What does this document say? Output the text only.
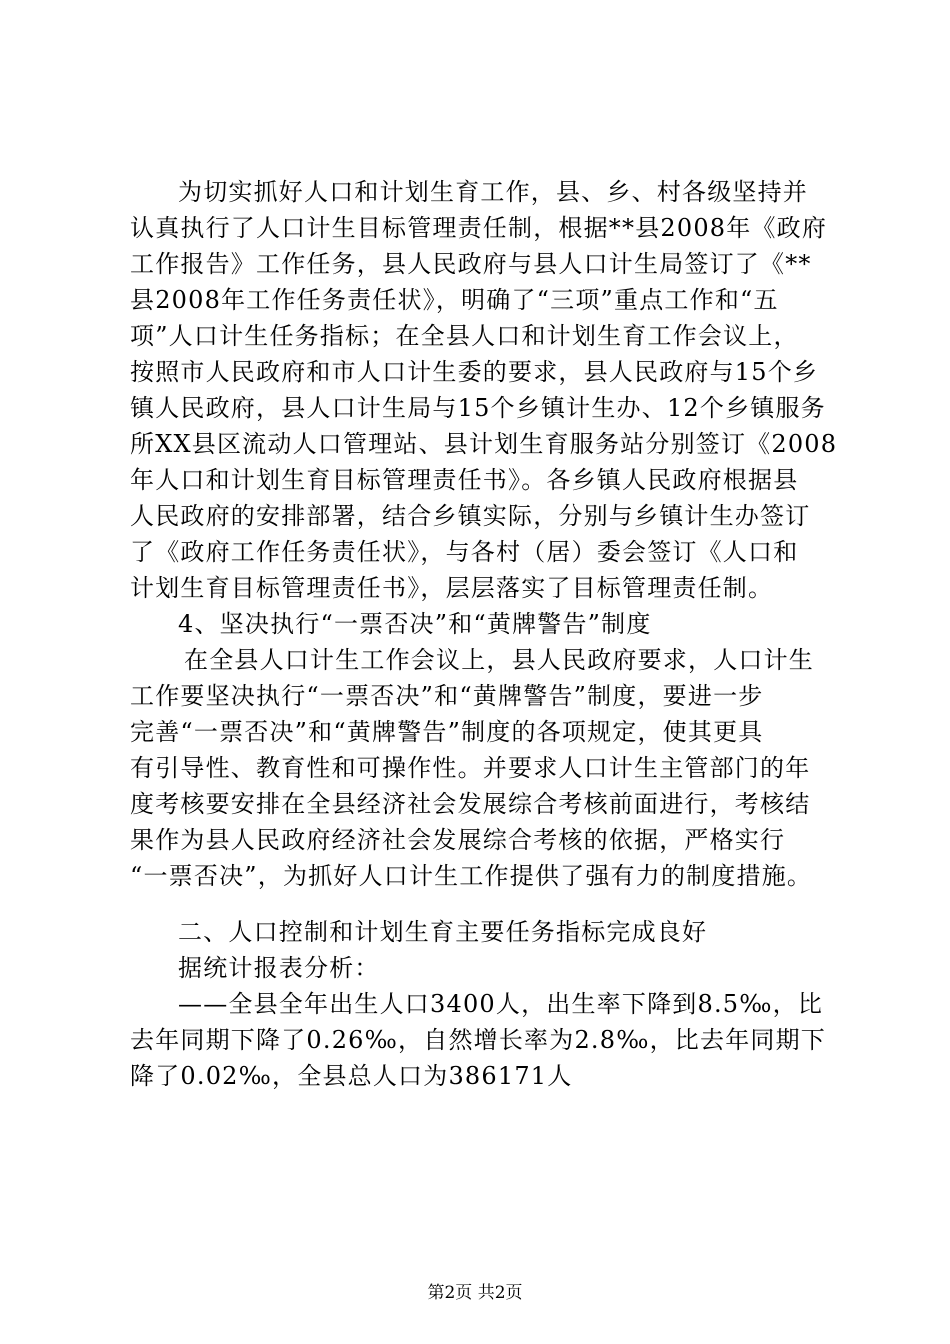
为切实抓好人口和计划生育工作，县、乡、村各级坚持并
认真执行了人口计生目标管理责任制，根据**县2008年《政府
工作报告》工作任务，县人民政府与县人口计生局签订了《**
县2008年工作任务责任状》，明确了“三项”重点工作和“五
项”人口计生任务指标；在全县人口和计划生育工作会议上，
按照市人民政府和市人口计生委的要求，县人民政府与15个乡
镇人民政府，县人口计生局与15个乡镇计生办、12个乡镇服务
所XX县区流动人口管理站、县计划生育服务站分别签订《2008
年人口和计划生育目标管理责任书》。各乡镇人民政府根据县
人民政府的安排部署，结合乡镇实际，分别与乡镇计生办签订
了《政府工作任务责任状》，与各村（居）委会签订《人口和
计划生育目标管理责任书》，层层落实了目标管理责任制。
4、坚决执行“一票否决”和“黄牌警告”制度
在全县人口计生工作会议上，县人民政府要求，人口计生
工作要坚决执行“一票否决”和“黄牌警告”制度，要进一步
完善“一票否决”和“黄牌警告”制度的各项规定，使其更具
有引导性、教育性和可操作性。并要求人口计生主管部门的年
度考核要安排在全县经济社会发展综合考核前面进行，考核结
果作为县人民政府经济社会发展综合考核的依据，严格实行
“一票否决”，为抓好人口计生工作提供了强有力的制度措施。
二、人口控制和计划生育主要任务指标完成良好
据统计报表分析：
——全县全年出生人口3400人，出生率下降到8.5‰，比
去年同期下降了0.26‰，自然增长率为2.8‰，比去年同期下
降了0.02‰，全县总人口为386171人
第2页 共2页
